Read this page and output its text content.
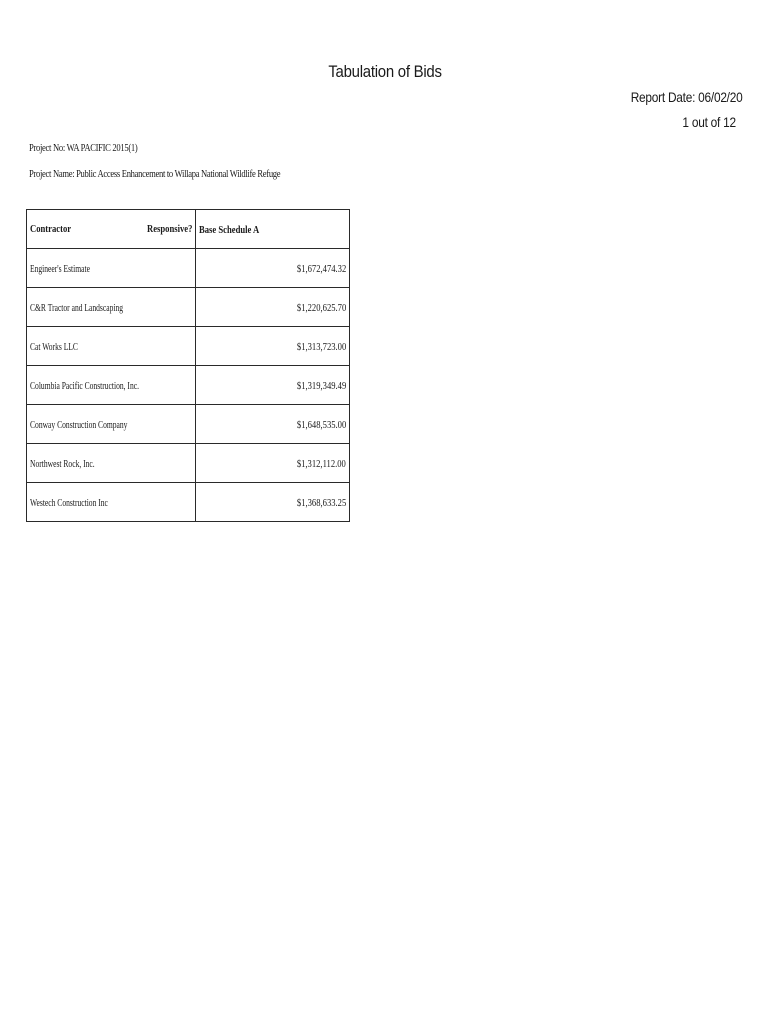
Tabulation of Bids
Report Date: 06/02/20
1 out of 12
Project No: WA PACIFIC 2015(1)
Project Name: Public Access Enhancement to Willapa National Wildlife Refuge
Contractor Responsive?	Base Schedule A
Engineer's Estimate	$1,672,474.32
C&R Tractor and Landscaping	$1,220,625.70
Cat Works LLC	$1,313,723.00
Columbia Pacific Construction, Inc.	$1,319,349.49
Conway Construction Company	$1,648,535.00
Northwest Rock, Inc.	$1,312,112.00
Westech Construction Inc	$1,368,633.25
